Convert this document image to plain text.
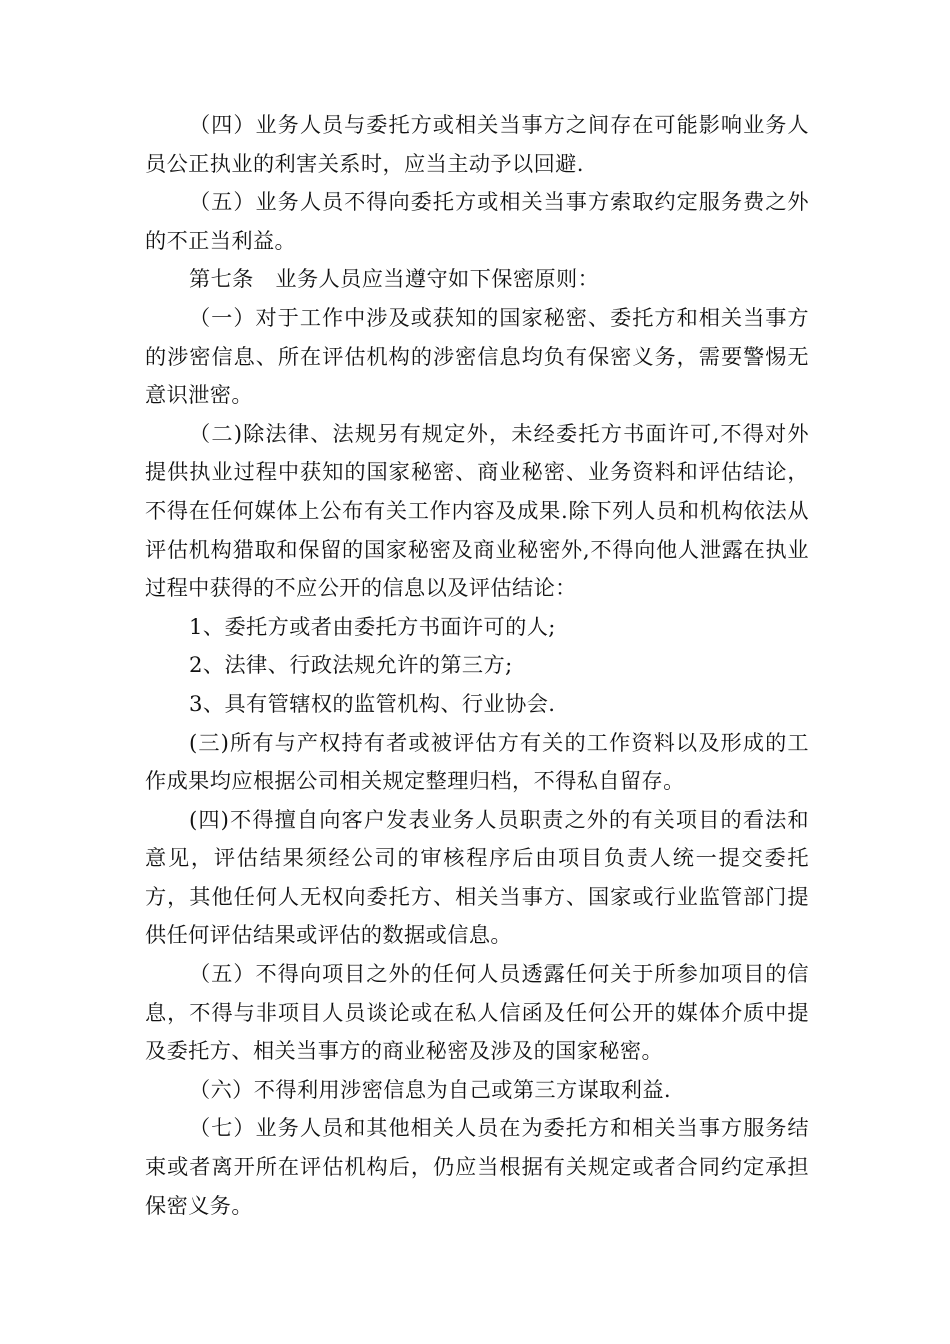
（四）业务人员与委托方或相关当事方之间存在可能影响业务人员公正执业的利害关系时，应当主动予以回避.

（五）业务人员不得向委托方或相关当事方索取约定服务费之外的不正当利益。

第七条　业务人员应当遵守如下保密原则：

（一）对于工作中涉及或获知的国家秘密、委托方和相关当事方的涉密信息、所在评估机构的涉密信息均负有保密义务，需要警惕无意识泄密。

（二)除法律、法规另有规定外，未经委托方书面许可,不得对外提供执业过程中获知的国家秘密、商业秘密、业务资料和评估结论，不得在任何媒体上公布有关工作内容及成果.除下列人员和机构依法从评估机构猎取和保留的国家秘密及商业秘密外,不得向他人泄露在执业过程中获得的不应公开的信息以及评估结论：

1、委托方或者由委托方书面许可的人;

2、法律、行政法规允许的第三方;

3、具有管辖权的监管机构、行业协会.

(三)所有与产权持有者或被评估方有关的工作资料以及形成的工作成果均应根据公司相关规定整理归档，不得私自留存。

(四)不得擅自向客户发表业务人员职责之外的有关项目的看法和意见，评估结果须经公司的审核程序后由项目负责人统一提交委托方，其他任何人无权向委托方、相关当事方、国家或行业监管部门提供任何评估结果或评估的数据或信息。

（五）不得向项目之外的任何人员透露任何关于所参加项目的信息，不得与非项目人员谈论或在私人信函及任何公开的媒体介质中提及委托方、相关当事方的商业秘密及涉及的国家秘密。

（六）不得利用涉密信息为自己或第三方谋取利益.

（七）业务人员和其他相关人员在为委托方和相关当事方服务结束或者离开所在评估机构后，仍应当根据有关规定或者合同约定承担保密义务。
